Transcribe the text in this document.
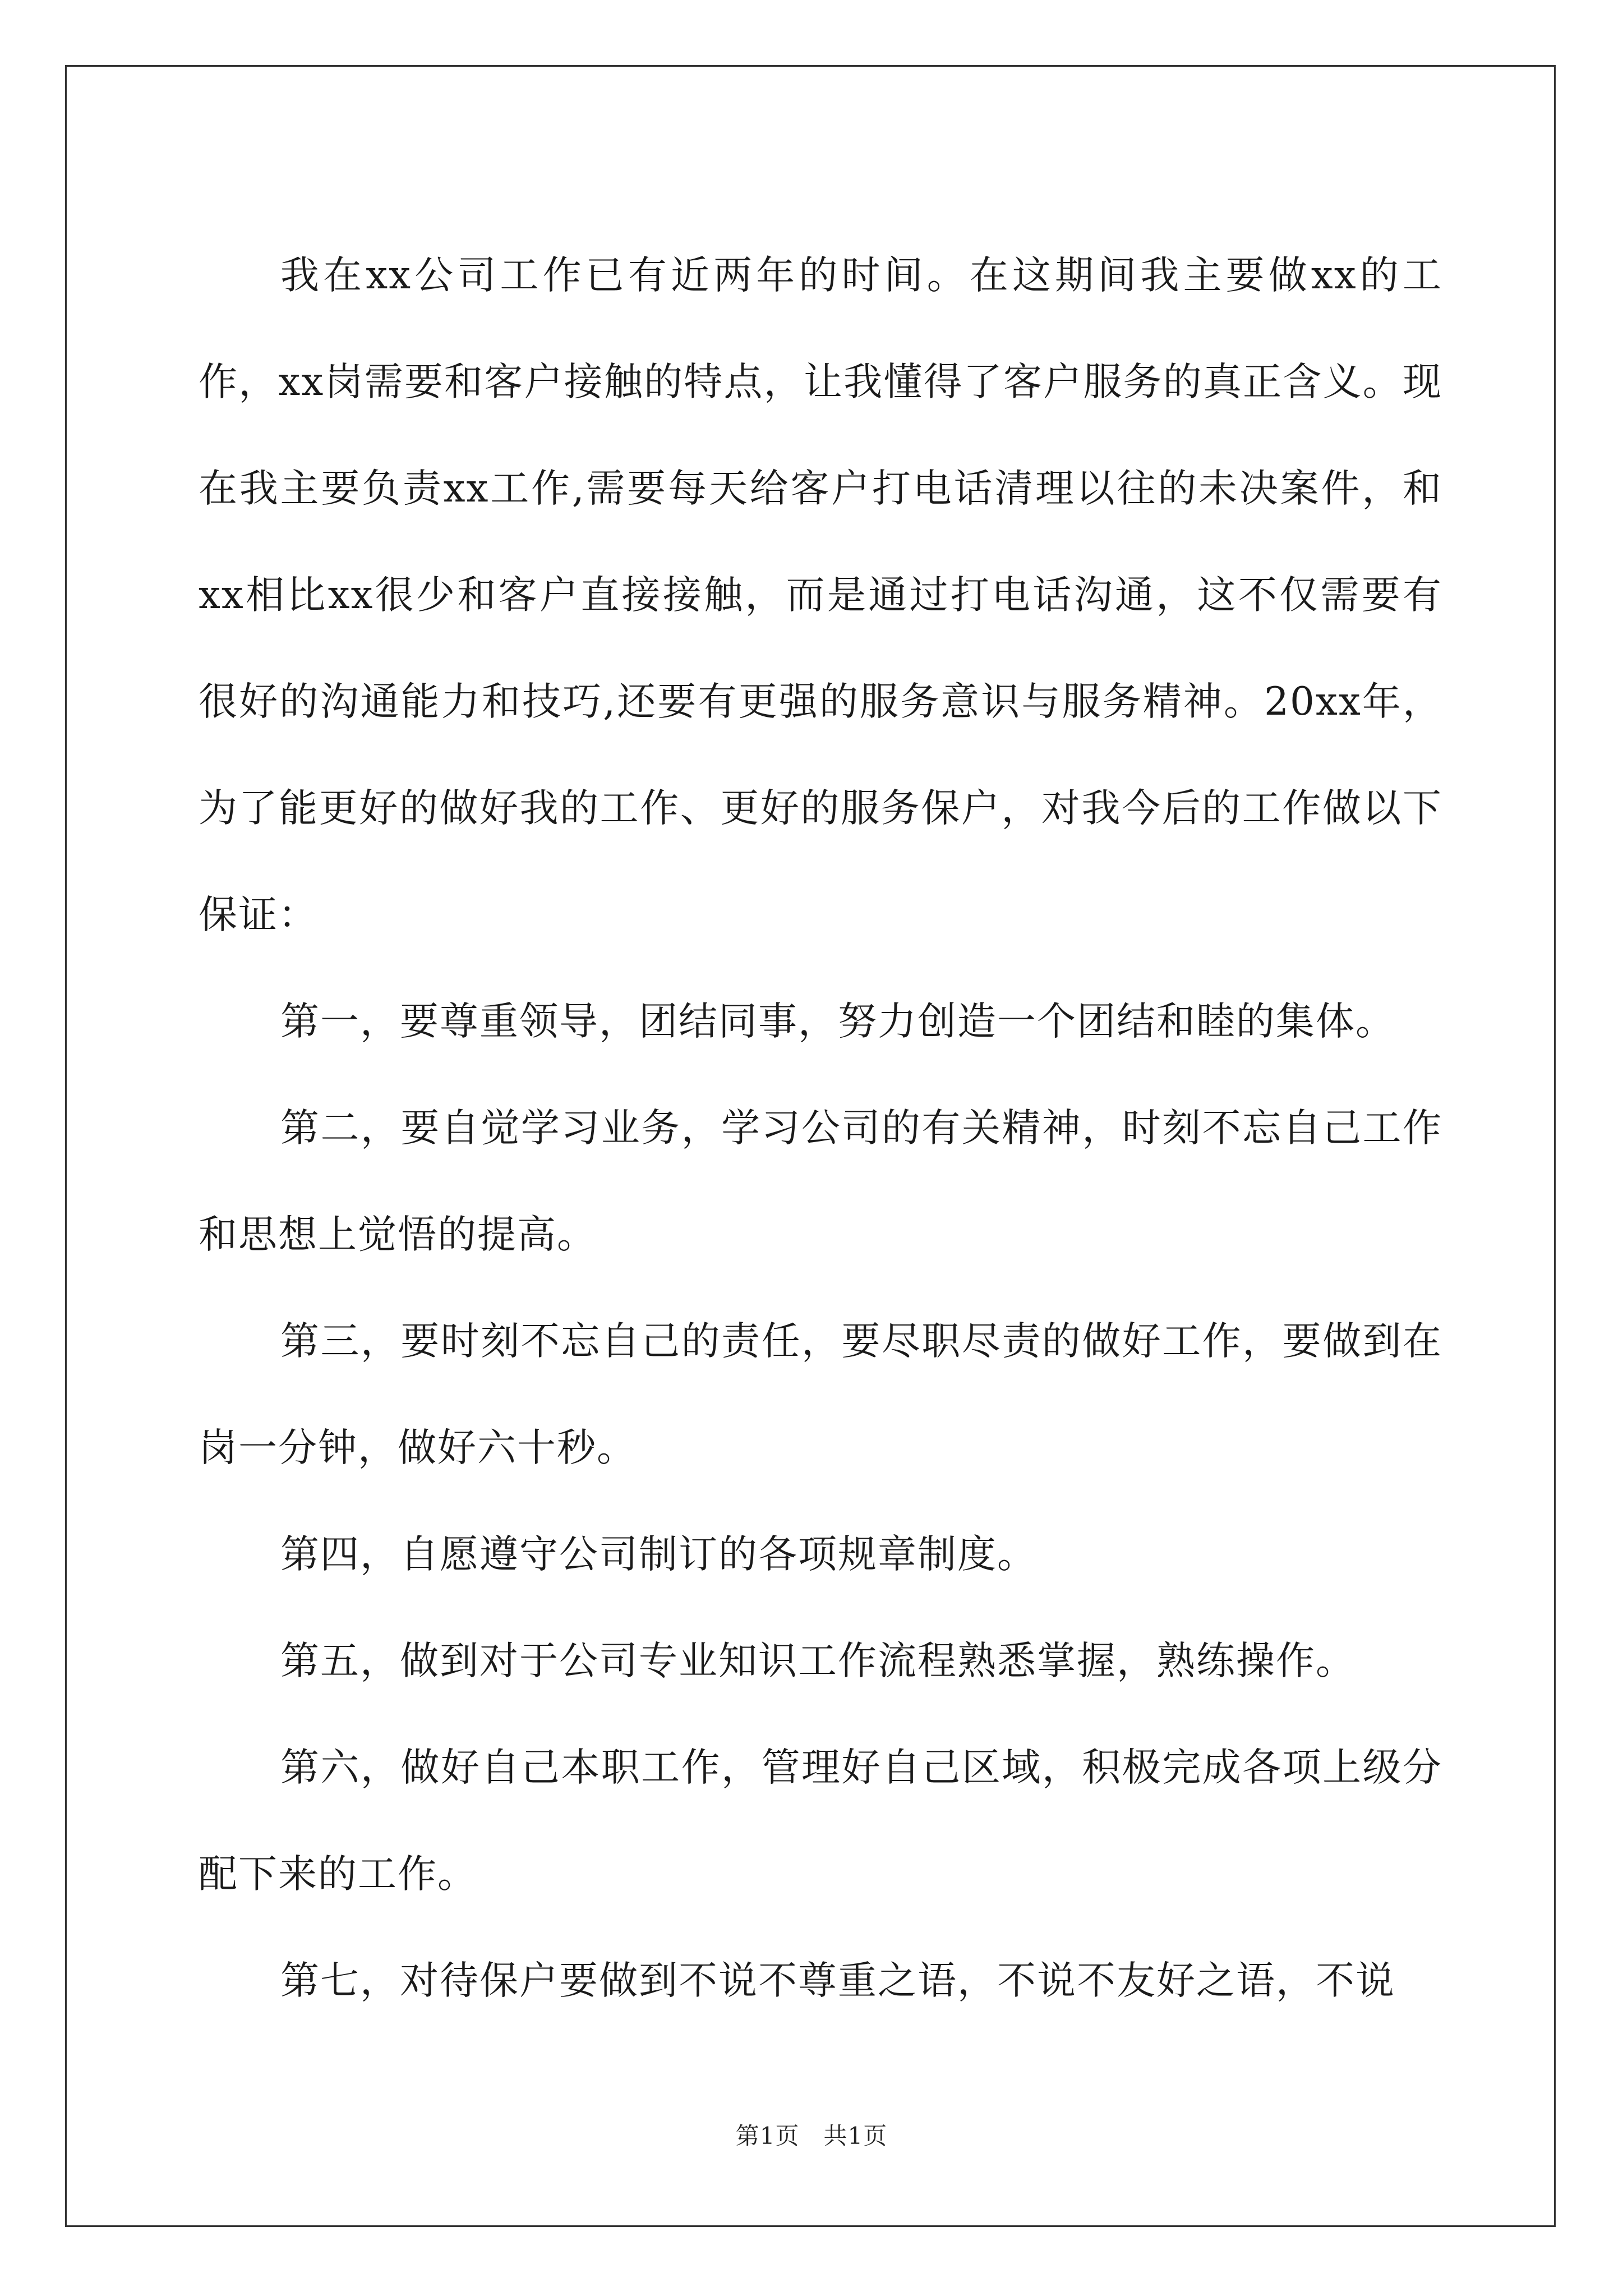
我在xx公司工作已有近两年的时间。在这期间我主要做xx的工作，xx岗需要和客户接触的特点，让我懂得了客户服务的真正含义。现在我主要负责xx工作,需要每天给客户打电话清理以往的未决案件，和xx相比xx很少和客户直接接触，而是通过打电话沟通，这不仅需要有很好的沟通能力和技巧,还要有更强的服务意识与服务精神。20xx年，为了能更好的做好我的工作、更好的服务保户，对我今后的工作做以下保证：

第一，要尊重领导，团结同事，努力创造一个团结和睦的集体。

第二，要自觉学习业务，学习公司的有关精神，时刻不忘自己工作和思想上觉悟的提高。

第三，要时刻不忘自己的责任，要尽职尽责的做好工作，要做到在岗一分钟，做好六十秒。

第四，自愿遵守公司制订的各项规章制度。

第五，做到对于公司专业知识工作流程熟悉掌握，熟练操作。

第六，做好自己本职工作，管理好自己区域，积极完成各项上级分配下来的工作。

第七，对待保户要做到不说不尊重之语，不说不友好之语，不说

第1页　共1页
